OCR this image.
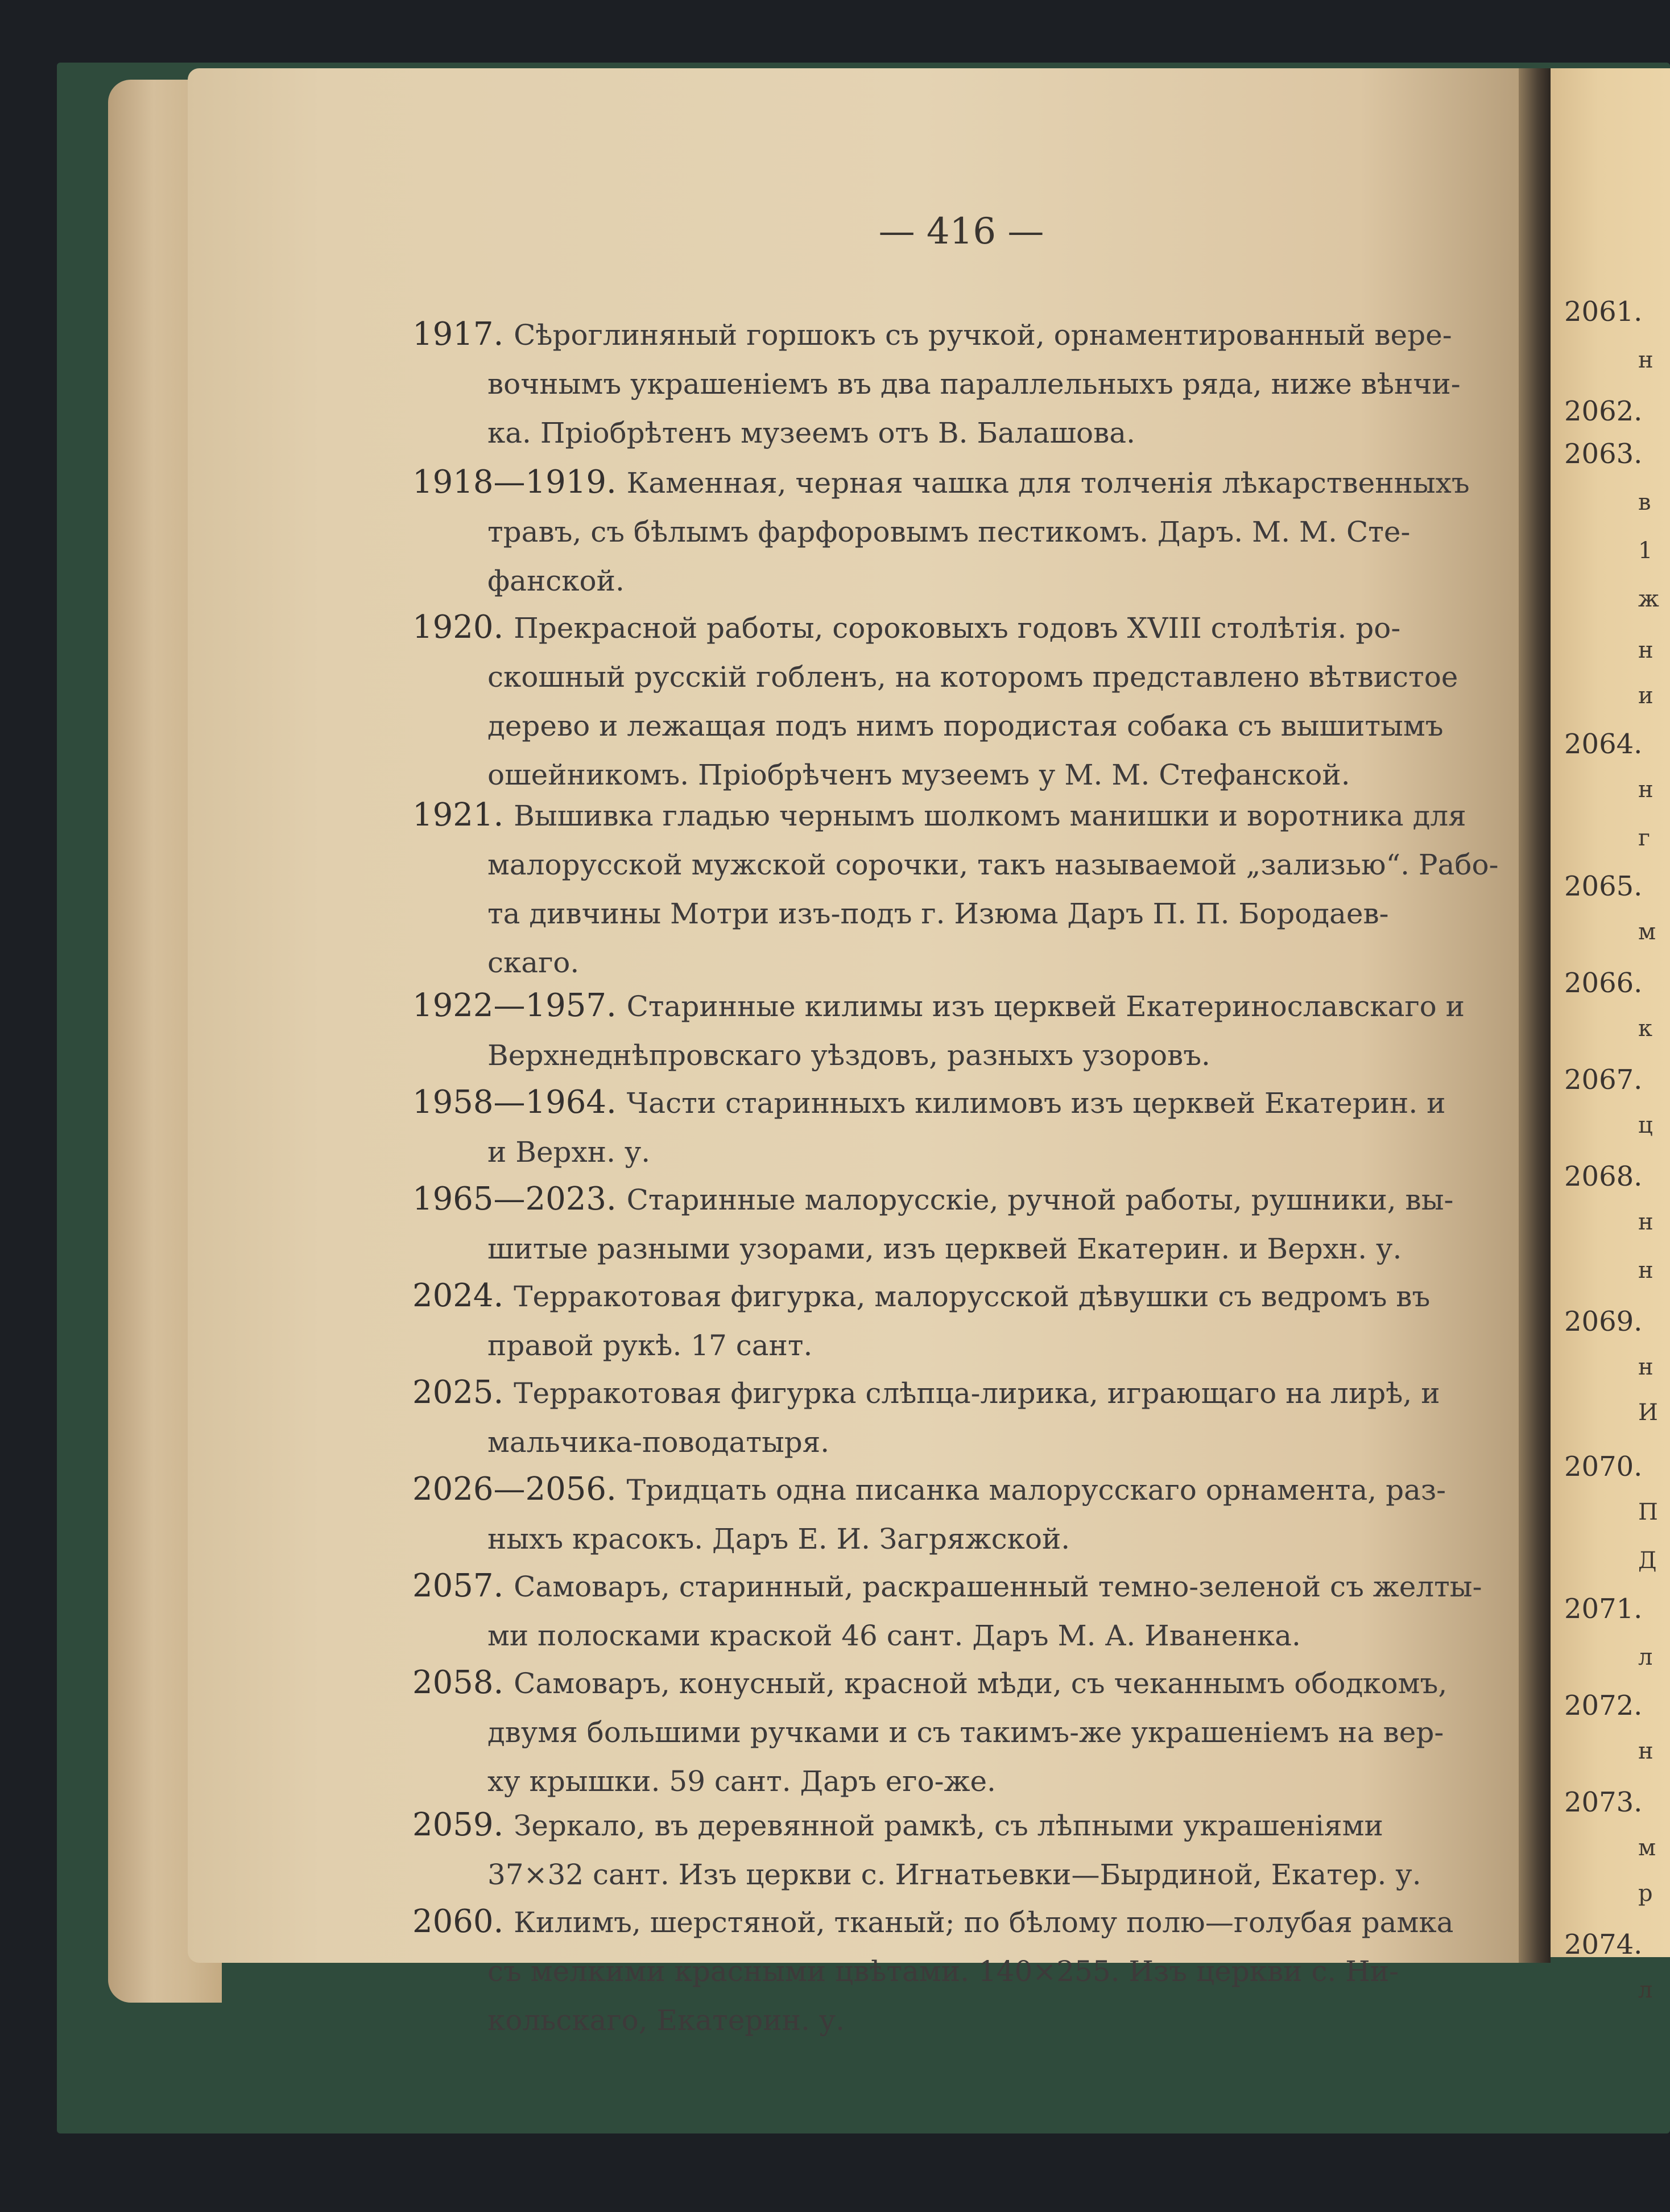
— 416 —

1917. Сѣроглиняный горшокъ съ ручкой, орнаментированный вере-
вочнымъ украшеніемъ въ два параллельныхъ ряда, ниже вѣнчи-
ка. Пріобрѣтенъ музеемъ отъ В. Балашова.

1918—1919. Каменная, черная чашка для толченія лѣкарственныхъ
травъ, съ бѣлымъ фарфоровымъ пестикомъ. Даръ. М. М. Сте-
фанской.

1920. Прекрасной работы, сороковыхъ годовъ XVIII столѣтія. ро-
скошный русскій гобленъ, на которомъ представлено вѣтвистое
дерево и лежащая подъ нимъ породистая собака съ вышитымъ
ошейникомъ. Пріобрѣченъ музеемъ у М. М. Стефанской.

1921. Вышивка гладью чернымъ шолкомъ манишки и воротника для
малорусской мужской сорочки, такъ называемой „зализью“. Рабо-
та дивчины Мотри изъ-подъ г. Изюма Даръ П. П. Бородаев-
скаго.

1922—1957. Старинные килимы изъ церквей Екатеринославскаго и
Верхнеднѣпровскаго уѣздовъ, разныхъ узоровъ.

1958—1964. Части старинныхъ килимовъ изъ церквей Екатерин. и
и Верхн. у.

1965—2023. Старинные малорусскіе, ручной работы, рушники, вы-
шитые разными узорами, изъ церквей Екатерин. и Верхн. у.

2024. Терракотовая фигурка, малорусской дѣвушки съ ведромъ въ
правой рукѣ. 17 сант.

2025. Терракотовая фигурка слѣпца-лирика, играющаго на лирѣ, и
мальчика-поводатыря.

2026—2056. Тридцать одна писанка малорусскаго орнамента, раз-
ныхъ красокъ. Даръ Е. И. Загряжской.

2057. Самоваръ, старинный, раскрашенный темно-зеленой съ желты-
ми полосками краской 46 сант. Даръ М. А. Иваненка.

2058. Самоваръ, конусный, красной мѣди, съ чеканнымъ ободкомъ,
двумя большими ручками и съ такимъ-же украшеніемъ на вер-
ху крышки. 59 сант. Даръ его-же.

2059. Зеркало, въ деревянной рамкѣ, съ лѣпными украшеніями
37×32 сант. Изъ церкви с. Игнатьевки—Бырдиной, Екатер. у.

2060. Килимъ, шерстяной, тканый; по бѣлому полю—голубая рамка
съ мелкими красными цвѣтами. 140×255. Изъ церкви с. Ни-
кольскаго, Екатерин. у.

2061.
2062.
2063.
2064.
2065.
2066.
2067.
2068.
2069.
2070.
2071.
2072.
2073.
2074.
н
в
1
ж
н
и
н
г
м
к
ц
н
н
н
И
П
Д
л
н
м
р
л
